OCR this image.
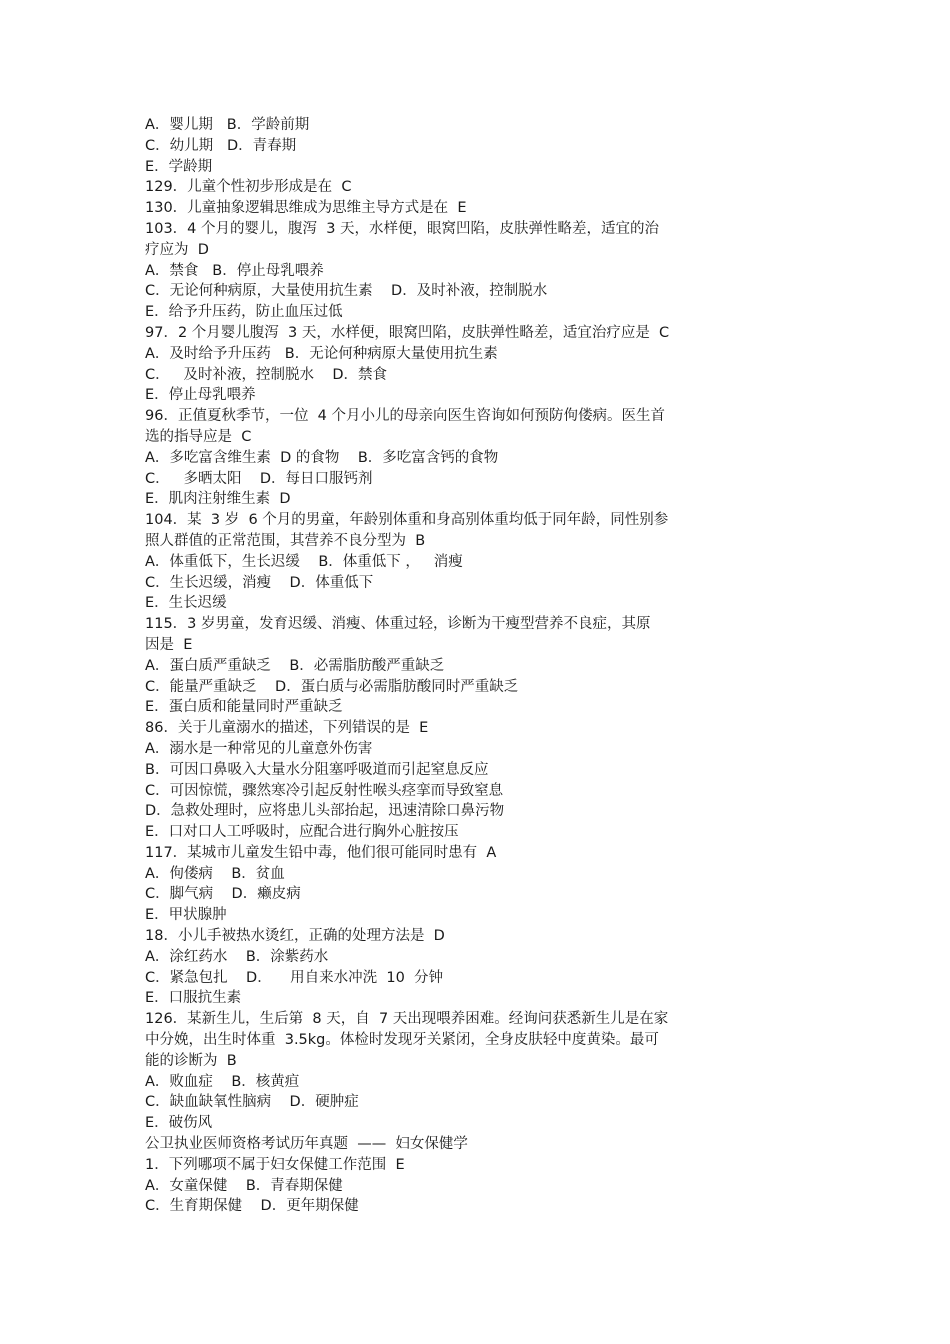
A．婴儿期   B．学龄前期
C．幼儿期   D．青春期
E．学龄期
129．儿童个性初步形成是在  C
130．儿童抽象逻辑思维成为思维主导方式是在  E
103．4 个月的婴儿，腹泻  3 天，水样便，眼窝凹陷，皮肤弹性略差，适宜的治
疗应为  D
A．禁食   B．停止母乳喂养
C．无论何种病原，大量使用抗生素    D．及时补液，控制脱水
E．给予升压药，防止血压过低
97．2 个月婴儿腹泻  3 天，水样便，眼窝凹陷，皮肤弹性略差，适宜治疗应是  C
A．及时给予升压药   B．无论何种病原大量使用抗生素
C．   及时补液，控制脱水    D．禁食
E．停止母乳喂养
96．正值夏秋季节，一位  4 个月小儿的母亲向医生咨询如何预防佝偻病。医生首
选的指导应是  C
A．多吃富含维生素  D 的食物    B．多吃富含钙的食物
C．   多晒太阳    D．每日口服钙剂
E．肌肉注射维生素  D
104．某  3 岁  6 个月的男童，年龄别体重和身高别体重均低于同年龄，同性别参
照人群值的正常范围，其营养不良分型为  B
A．体重低下，生长迟缓    B．体重低下 ，   消瘦
C．生长迟缓，消瘦    D．体重低下
E．生长迟缓
115．3 岁男童，发育迟缓、消瘦、体重过轻，诊断为干瘦型营养不良症，其原
因是  E
A．蛋白质严重缺乏    B．必需脂肪酸严重缺乏
C．能量严重缺乏    D．蛋白质与必需脂肪酸同时严重缺乏
E．蛋白质和能量同时严重缺乏
86．关于儿童溺水的描述，下列错误的是  E
A．溺水是一种常见的儿童意外伤害
B．可因口鼻吸入大量水分阻塞呼吸道而引起窒息反应
C．可因惊慌，骤然寒冷引起反射性喉头痉挛而导致窒息
D．急救处理时，应将患儿头部抬起，迅速清除口鼻污物
E．口对口人工呼吸时，应配合进行胸外心脏按压
117．某城市儿童发生铅中毒，他们很可能同时患有  A
A．佝偻病    B．贫血
C．脚气病    D．癞皮病
E．甲状腺肿
18．小儿手被热水烫红，正确的处理方法是  D
A．涂红药水    B．涂紫药水
C．紧急包扎    D．    用自来水冲洗  10  分钟
E．口服抗生素
126．某新生儿，生后第  8 天，自  7 天出现喂养困难。经询问获悉新生儿是在家
中分娩，出生时体重  3.5kg。体检时发现牙关紧闭，全身皮肤轻中度黄染。最可
能的诊断为  B
A．败血症    B．核黄疸
C．缺血缺氧性脑病    D．硬肿症
E．破伤风
公卫执业医师资格考试历年真题  ——  妇女保健学
1．下列哪项不属于妇女保健工作范围  E
A．女童保健    B．青春期保健
C．生育期保健    D．更年期保健
